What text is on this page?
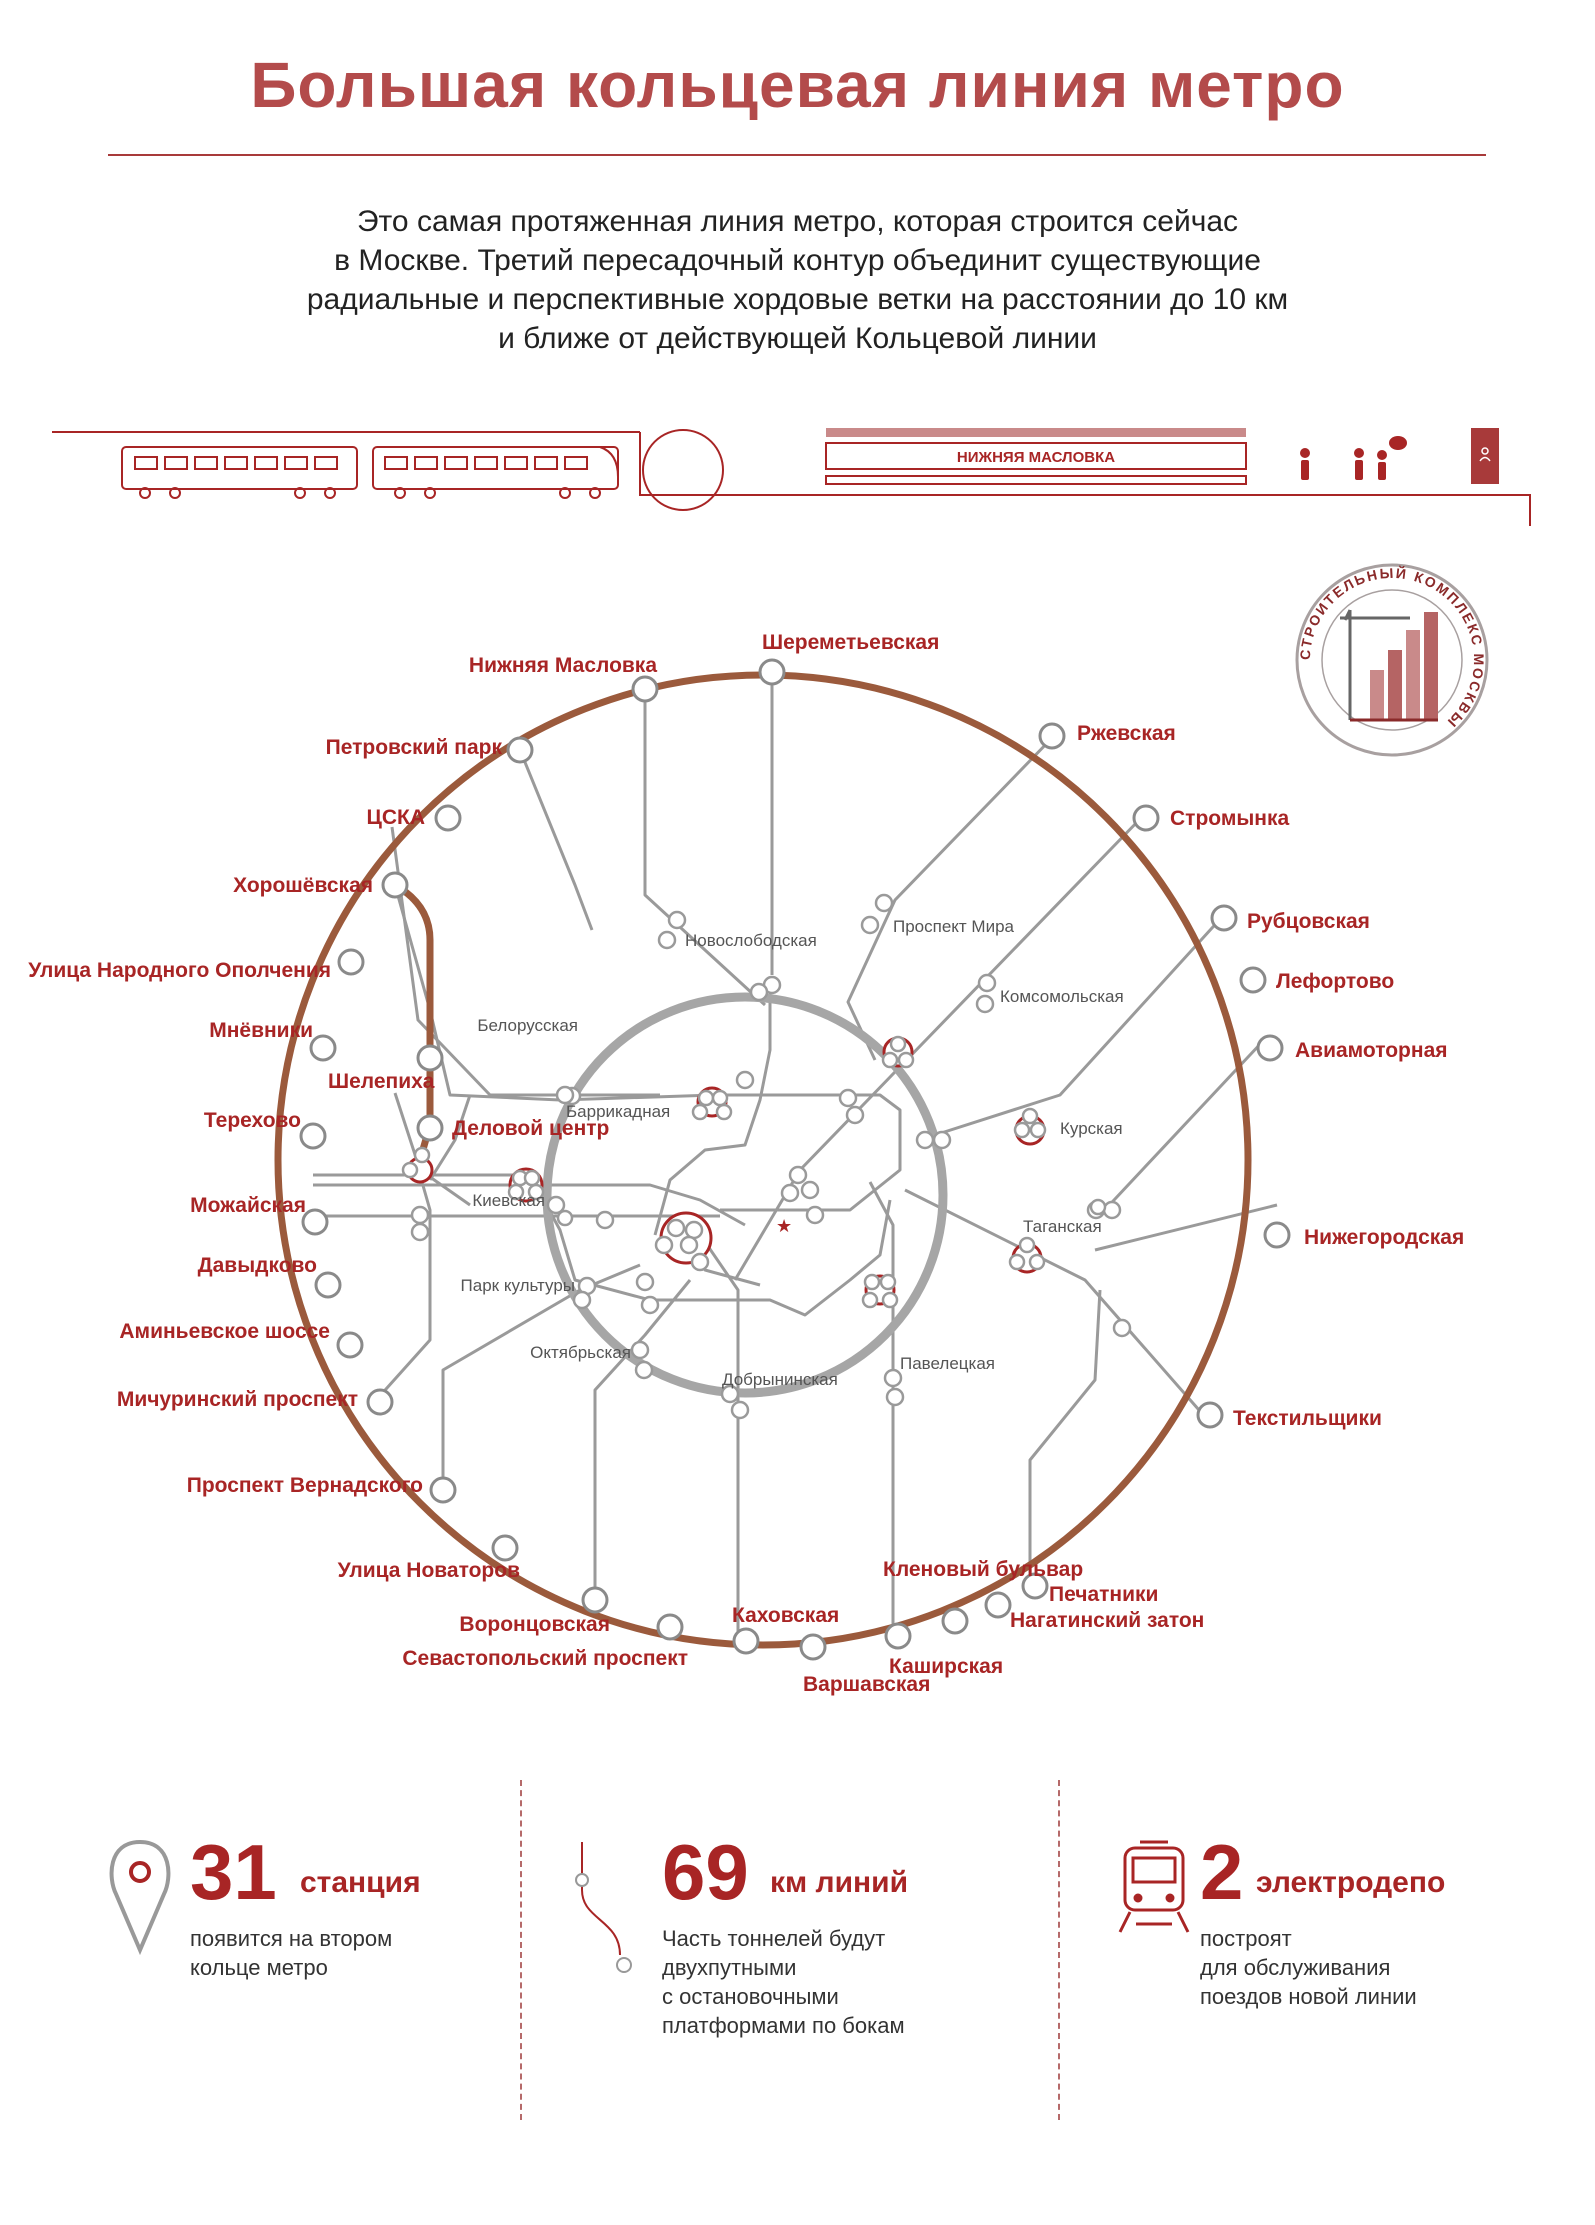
Большая кольцевая линия метро
Это самая протяженная линия метро, которая строится сейчас
в Москве. Третий пересадочный контур объединит существующие
радиальные и перспективные хордовые ветки на расстоянии до 10 км
и ближе от действующей Кольцевой линии
НИЖНЯЯ МАСЛОВКА
СТРОИТЕЛЬНЫЙ КОМПЛЕКС МОСКВЫ
★
Шереметьевская
Ржевская
Стромынка
Рубцовская
Лефортово
Авиамоторная
Нижегородская
Текстильщики
Печатники
Нагатинский затон
Кленовый бульвар
Каширская
Варшавская
Каховская
Севастопольский проспект
Воронцовская
Улица Новаторов
Проспект Вернадского
Мичуринский проспект
Аминьевское шоссе
Давыдково
Можайская
Терехово
Мнёвники
Улица Народного Ополчения
Хорошёвская
ЦСКА
Петровский парк
Нижняя Масловка
Шелепиха
Деловой центр
Новослободская
Проспект Мира
Комсомольская
Белорусская
Баррикадная
Курская
Киевская
Таганская
Парк культуры
Октябрьская
Добрынинская
Павелецкая
31 станция
появится на втором
кольце метро
69 км линий
Часть тоннелей будут
двухпутными
с остановочными
платформами по бокам
2 электродепо
построят
для обслуживания
поездов новой линии
